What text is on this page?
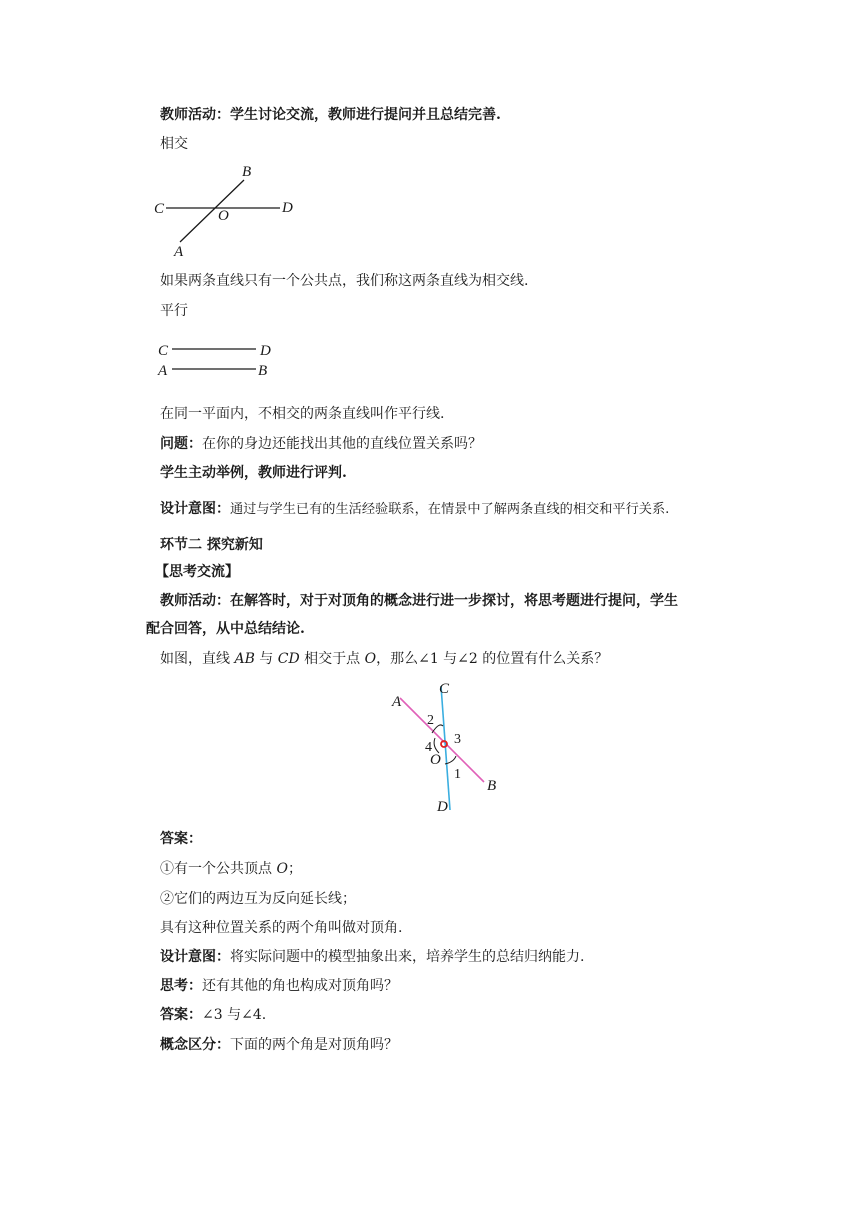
教师活动：学生讨论交流，教师进行提问并且总结完善.
相交
B
C	O	D
A
如果两条直线只有一个公共点，我们称这两条直线为相交线.
平行
C	D
A	B
在同一平面内，不相交的两条直线叫作平行线.
问题：在你的身边还能找出其他的直线位置关系吗？
学生主动举例，教师进行评判.
设计意图：通过与学生已有的生活经验联系，在情景中了解两条直线的相交和平行关系.
环节二 探究新知
【思考交流】
教师活动：在解答时，对于对顶角的概念进行进一步探讨，将思考题进行提问，学生
配合回答，从中总结结论.
如图，直线 AB 与 CD 相交于点 O，那么∠1 与∠2 的位置有什么关系？
A
C
B
D
O
2
3
4
1
答案：
①有一个公共顶点 O；
②它们的两边互为反向延长线；
具有这种位置关系的两个角叫做对顶角.
设计意图：将实际问题中的模型抽象出来，培养学生的总结归纳能力.
思考：还有其他的角也构成对顶角吗？
答案：∠3 与∠4.
概念区分：下面的两个角是对顶角吗？
